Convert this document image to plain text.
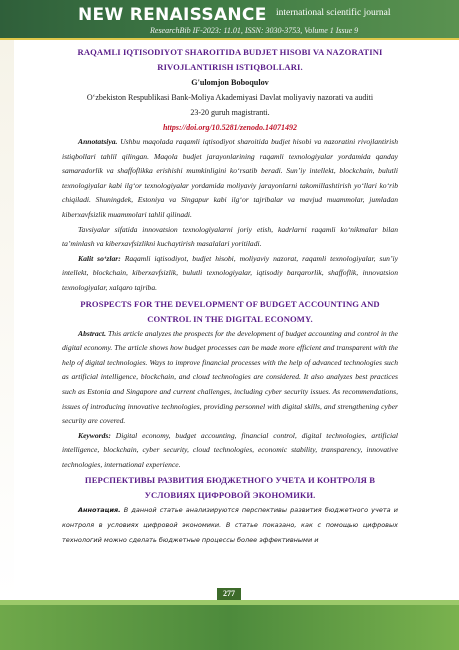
NEW RENAISSANCE international scientific journal
ResearchBib IF-2023: 11.01, ISSN: 3030-3753, Volume 1 Issue 9
RAQAMLI IQTISODIYOT SHAROITIDA BUDJET HISOBI VA NAZORATINI
RIVOJLANTIRISH ISTIQBOLLARI.
G'ulomjon Boboqulov
O‘zbekiston Respublikasi Bank-Moliya Akademiyasi Davlat moliyaviy nazorati va auditi
23-20 guruh magistranti.
https://doi.org/10.5281/zenodo.14071492

Annotatsiya. Ushbu maqolada raqamli iqtisodiyot sharoitida budjet hisobi va nazoratini rivojlantirish istiqbollari tahlil qilingan. Maqola budjet jarayonlarining raqamli texnologiyalar yordamida qanday samaradorlik va shaffoflikka erishishi mumkinligini ko‘rsatib beradi. Sun’iy intellekt, blockchain, bulutli texnologiyalar kabi ilg‘or texnologiyalar yordamida moliyaviy jarayonlarni takomillashtirish yo‘llari ko‘rib chiqiladi. Shuningdek, Estoniya va Singapur kabi ilg‘or tajribalar va mavjud muammolar, jumladan kiberxavfsizlik muammolari tahlil qilinadi.

Tavsiyalar sifatida innovatsion texnologiyalarni joriy etish, kadrlarni raqamli ko‘nikmalar bilan ta’minlash va kiberxavfsizlikni kuchaytirish masalalari yoritiladi.

Kalit so‘zlar: Raqamli iqtisodiyot, budjet hisobi, moliyaviy nazorat, raqamli texnologiyalar, sun’iy intellekt, blockchain, kiberxavfsizlik, bulutli texnologiyalar, iqtisodiy barqarorlik, shaffoflik, innovatsion texnologiyalar, xalqaro tajriba.

PROSPECTS FOR THE DEVELOPMENT OF BUDGET ACCOUNTING AND
CONTROL IN THE DIGITAL ECONOMY.

Abstract. This article analyzes the prospects for the development of budget accounting and control in the digital economy. The article shows how budget processes can be made more efficient and transparent with the help of digital technologies. Ways to improve financial processes with the help of advanced technologies such as artificial intelligence, blockchain, and cloud technologies are considered. It also analyzes best practices such as Estonia and Singapore and current challenges, including cyber security issues. As recommendations, issues of introducing innovative technologies, providing personnel with digital skills, and strengthening cyber security are covered.

Keywords: Digital economy, budget accounting, financial control, digital technologies, artificial intelligence, blockchain, cyber security, cloud technologies, economic stability, transparency, innovative technologies, international experience.

ПЕРСПЕКТИВЫ РАЗВИТИЯ БЮДЖЕТНОГО УЧЕТА И КОНТРОЛЯ В
УСЛОВИЯХ ЦИФРОВОЙ ЭКОНОМИКИ.

Аннотация. В данной статье анализируются перспективы развития бюджетного учета и контроля в условиях цифровой экономики. В статье показано, как с помощью цифровых технологий можно сделать бюджетные процессы более эффективными и

277
